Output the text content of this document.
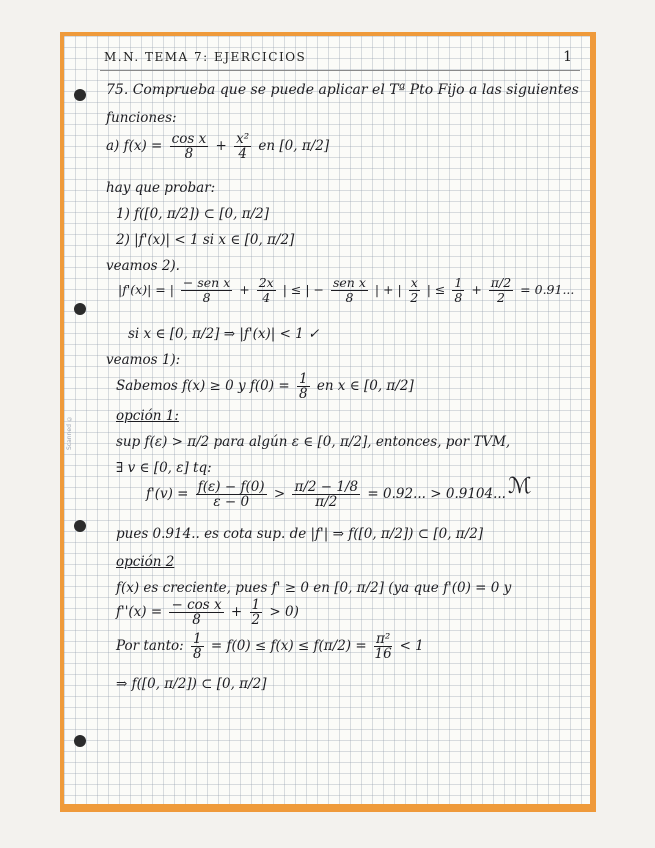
Scanned ©
M.N. TEMA 7: EJERCICIOS	1
75. Comprueba que se puede aplicar el Tª Pto Fijo a las siguientes
funciones:
a) $f(x) = \frac{\text{cos x}}{8} + \frac{\text{x²}}{4}$ en [0, π/2]
hay que probar:
1) f([0, π/2]) ⊂ [0, π/2]
2) |f'(x)| < 1 si x ∈ [0, π/2]
veamos 2).
|f'(x)| = | $\frac{\text{− sen x}}{8} + \frac{2x}{4}$ | ≤ | − $\frac{\text{sen x}}{8}$ | + | $\frac{x}{2}$ | ≤ $\frac{1}{8} + \frac{\pi/2}{2} = 0.91$...
si x ∈ [0, π/2] ⇒ |f'(x)| < 1 ✓
veamos 1):
Sabemos f(x) ≥ 0 y $f(0) = \frac{1}{8}$ en x ∈ [0, π/2]
opción 1:
sup f(ε) > π/2 para algún ε ∈ [0, π/2], entonces, por TVM,
∃ v ∈ [0, ε] tq:
$f'(v) = \frac{f(\varepsilon) - f(0)}{\varepsilon - 0} > \frac{\pi/2 - 1/8}{\pi/2} = 0.92$... > 0.9104... ℳ
pues 0.914.. es cota sup. de |f'| ⇒ f([0, π/2]) ⊂ [0, π/2]
opción 2
f(x) es creciente, pues f' ≥ 0 en [0, π/2] (ya que f'(0) = 0 y
$f''(x) = \frac{\text{− cos x}}{8} + \frac{1}{2} > 0$)
Por tanto: $\frac{1}{8} = f(0) \le f(x) \le f(\pi/2) = \frac{\text{π²}}{16} < 1$
⇒ f([0, π/2]) ⊂ [0, π/2]
